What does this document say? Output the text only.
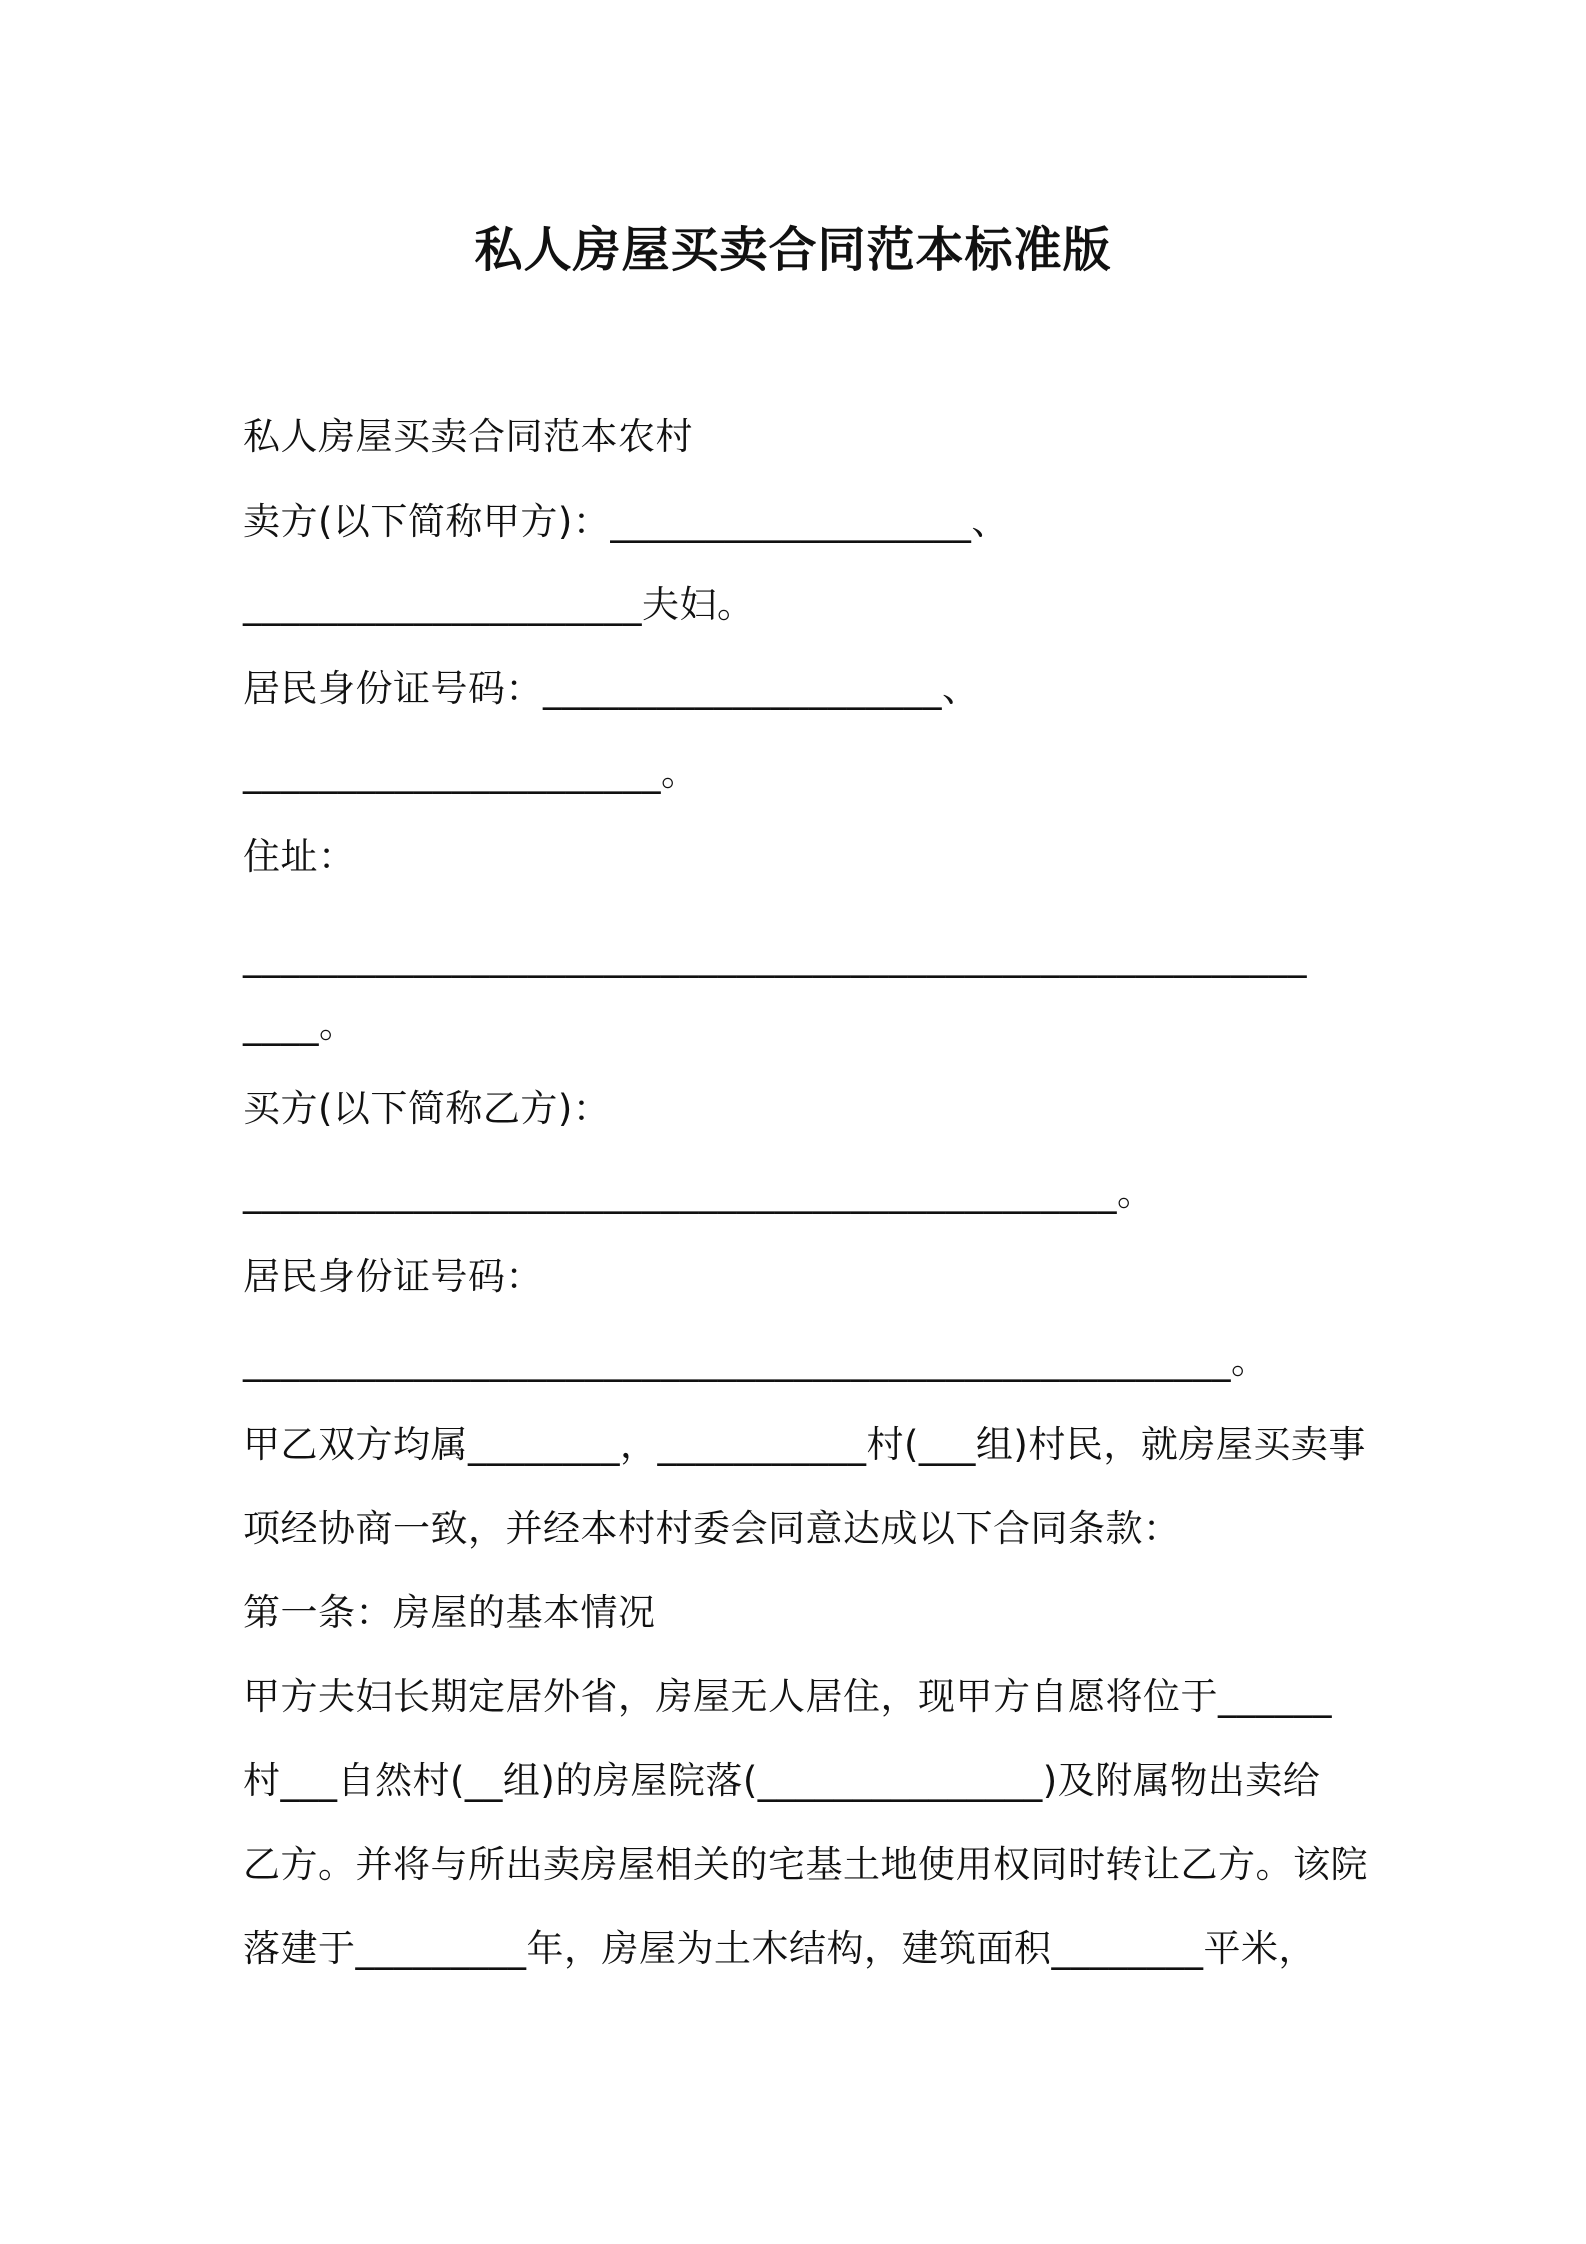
私人房屋买卖合同范本标准版

私人房屋买卖合同范本农村

卖方(以下简称甲方)：___________________、

_____________________夫妇。

居民身份证号码：_____________________、

______________________。

住址：

________________________________________________________

____。

买方(以下简称乙方)：

______________________________________________。

居民身份证号码：

____________________________________________________。

甲乙双方均属________，___________村(___组)村民，就房屋买卖事

项经协商一致，并经本村村委会同意达成以下合同条款：

第一条：房屋的基本情况

甲方夫妇长期定居外省，房屋无人居住，现甲方自愿将位于______

村___自然村(__组)的房屋院落(_______________)及附属物出卖给

乙方。并将与所出卖房屋相关的宅基土地使用权同时转让乙方。该院

落建于_________年，房屋为土木结构，建筑面积________平米，
